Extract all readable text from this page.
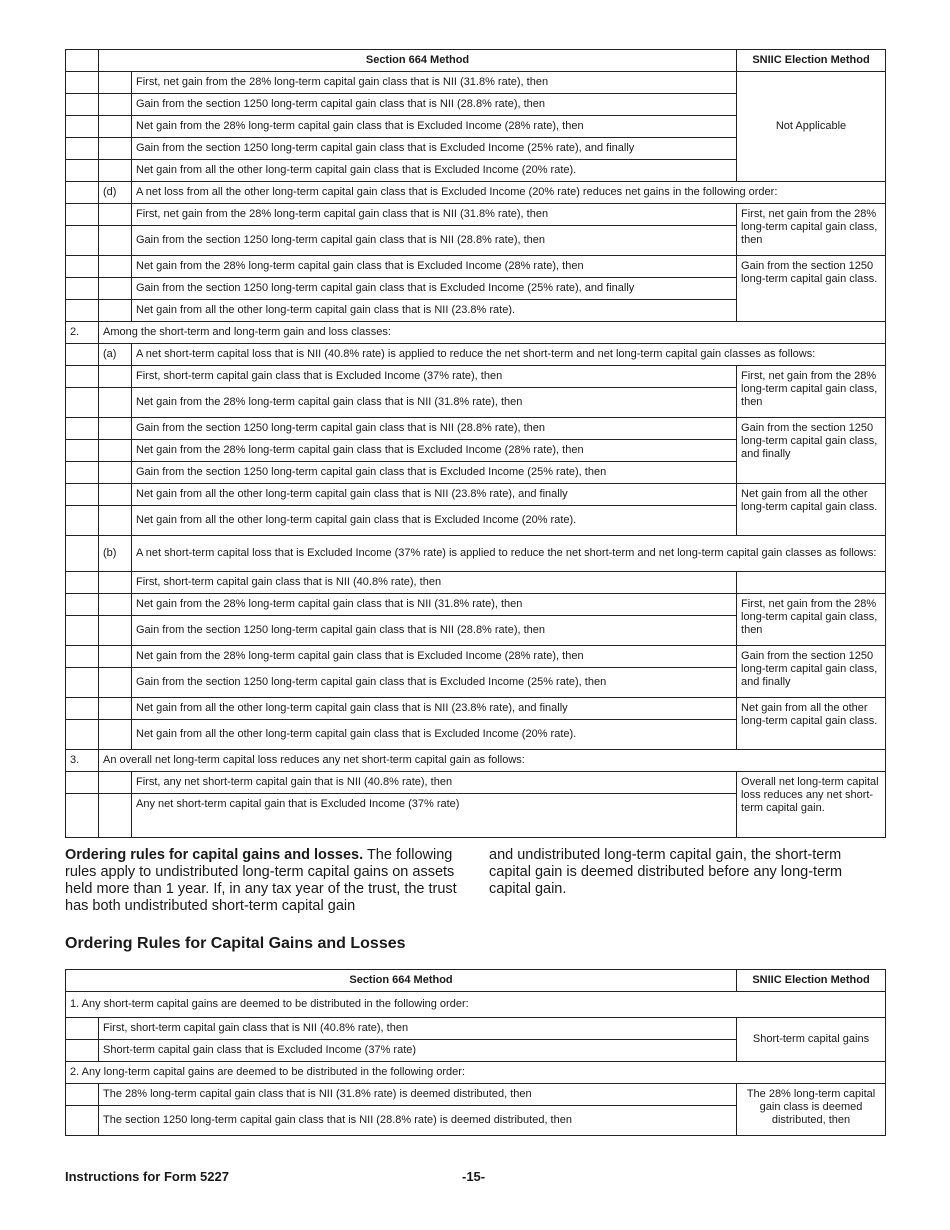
	Section 664 Method		SNIIC Election Method
		First, net gain from the 28% long-term capital gain class that is NII (31.8% rate), then	Not Applicable
		Gain from the section 1250 long-term capital gain class that is NII (28.8% rate), then	
		Net gain from the 28% long-term capital gain class that is Excluded Income (28% rate), then	
		Gain from the section 1250 long-term capital gain class that is Excluded Income (25% rate), and finally	
		Net gain from all the other long-term capital gain class that is Excluded Income (20% rate).	
	(d)	A net loss from all the other long-term capital gain class that is Excluded Income (20% rate) reduces net gains in the following order:	
		First, net gain from the 28% long-term capital gain class that is NII (31.8% rate), then	First, net gain from the 28% long-term capital gain class, then
		Gain from the section 1250 long-term capital gain class that is NII (28.8% rate), then	
		Net gain from the 28% long-term capital gain class that is Excluded Income (28% rate), then	Gain from the section 1250 long-term capital gain class.
		Gain from the section 1250 long-term capital gain class that is Excluded Income (25% rate), and finally	
		Net gain from all the other long-term capital gain class that is NII (23.8% rate).	
2.	Among the short-term and long-term gain and loss classes:		
	(a)	A net short-term capital loss that is NII (40.8% rate) is applied to reduce the net short-term and net long-term capital gain classes as follows:	
		First, short-term capital gain class that is Excluded Income (37% rate), then	First, net gain from the 28% long-term capital gain class, then
		Net gain from the 28% long-term capital gain class that is NII (31.8% rate), then	
		Gain from the section 1250 long-term capital gain class that is NII (28.8% rate), then	Gain from the section 1250 long-term capital gain class, and finally
		Net gain from the 28% long-term capital gain class that is Excluded Income (28% rate), then	
		Gain from the section 1250 long-term capital gain class that is Excluded Income (25% rate), then	
		Net gain from all the other long-term capital gain class that is NII (23.8% rate), and finally	Net gain from all the other long-term capital gain class.
		Net gain from all the other long-term capital gain class that is Excluded Income (20% rate).	
	(b)	A net short-term capital loss that is Excluded Income (37% rate) is applied to reduce the net short-term and net long-term capital gain classes as follows:	
		First, short-term capital gain class that is NII (40.8% rate), then	
		Net gain from the 28% long-term capital gain class that is NII (31.8% rate), then	First, net gain from the 28% long-term capital gain class, then
		Gain from the section 1250 long-term capital gain class that is NII (28.8% rate), then	
		Net gain from the 28% long-term capital gain class that is Excluded Income (28% rate), then	Gain from the section 1250 long-term capital gain class, and finally
		Gain from the section 1250 long-term capital gain class that is Excluded Income (25% rate), then	
		Net gain from all the other long-term capital gain class that is NII (23.8% rate), and finally	Net gain from all the other long-term capital gain class.
		Net gain from all the other long-term capital gain class that is Excluded Income (20% rate).	
3.	An overall net long-term capital loss reduces any net short-term capital gain as follows:		
		First, any net short-term capital gain that is NII (40.8% rate), then	Overall net long-term capital loss reduces any net short-term capital gain.
		Any net short-term capital gain that is Excluded Income (37% rate)	
Ordering rules for capital gains and losses. The following rules apply to undistributed long-term capital gains on assets held more than 1 year. If, in any tax year of the trust, the trust has both undistributed short-term capital gain
and undistributed long-term capital gain, the short-term capital gain is deemed distributed before any long-term capital gain.
Ordering Rules for Capital Gains and Losses
Section 664 Method		SNIIC Election Method
1. Any short-term capital gains are deemed to be distributed in the following order:		
	First, short-term capital gain class that is NII (40.8% rate), then	Short-term capital gains
	Short-term capital gain class that is Excluded Income (37% rate)	
2. Any long-term capital gains are deemed to be distributed in the following order:		
	The 28% long-term capital gain class that is NII (31.8% rate) is deemed distributed, then	The 28% long-term capital gain class is deemed distributed, then
	The section 1250 long-term capital gain class that is NII (28.8% rate) is deemed distributed, then	
Instructions for Form 5227	-15-
